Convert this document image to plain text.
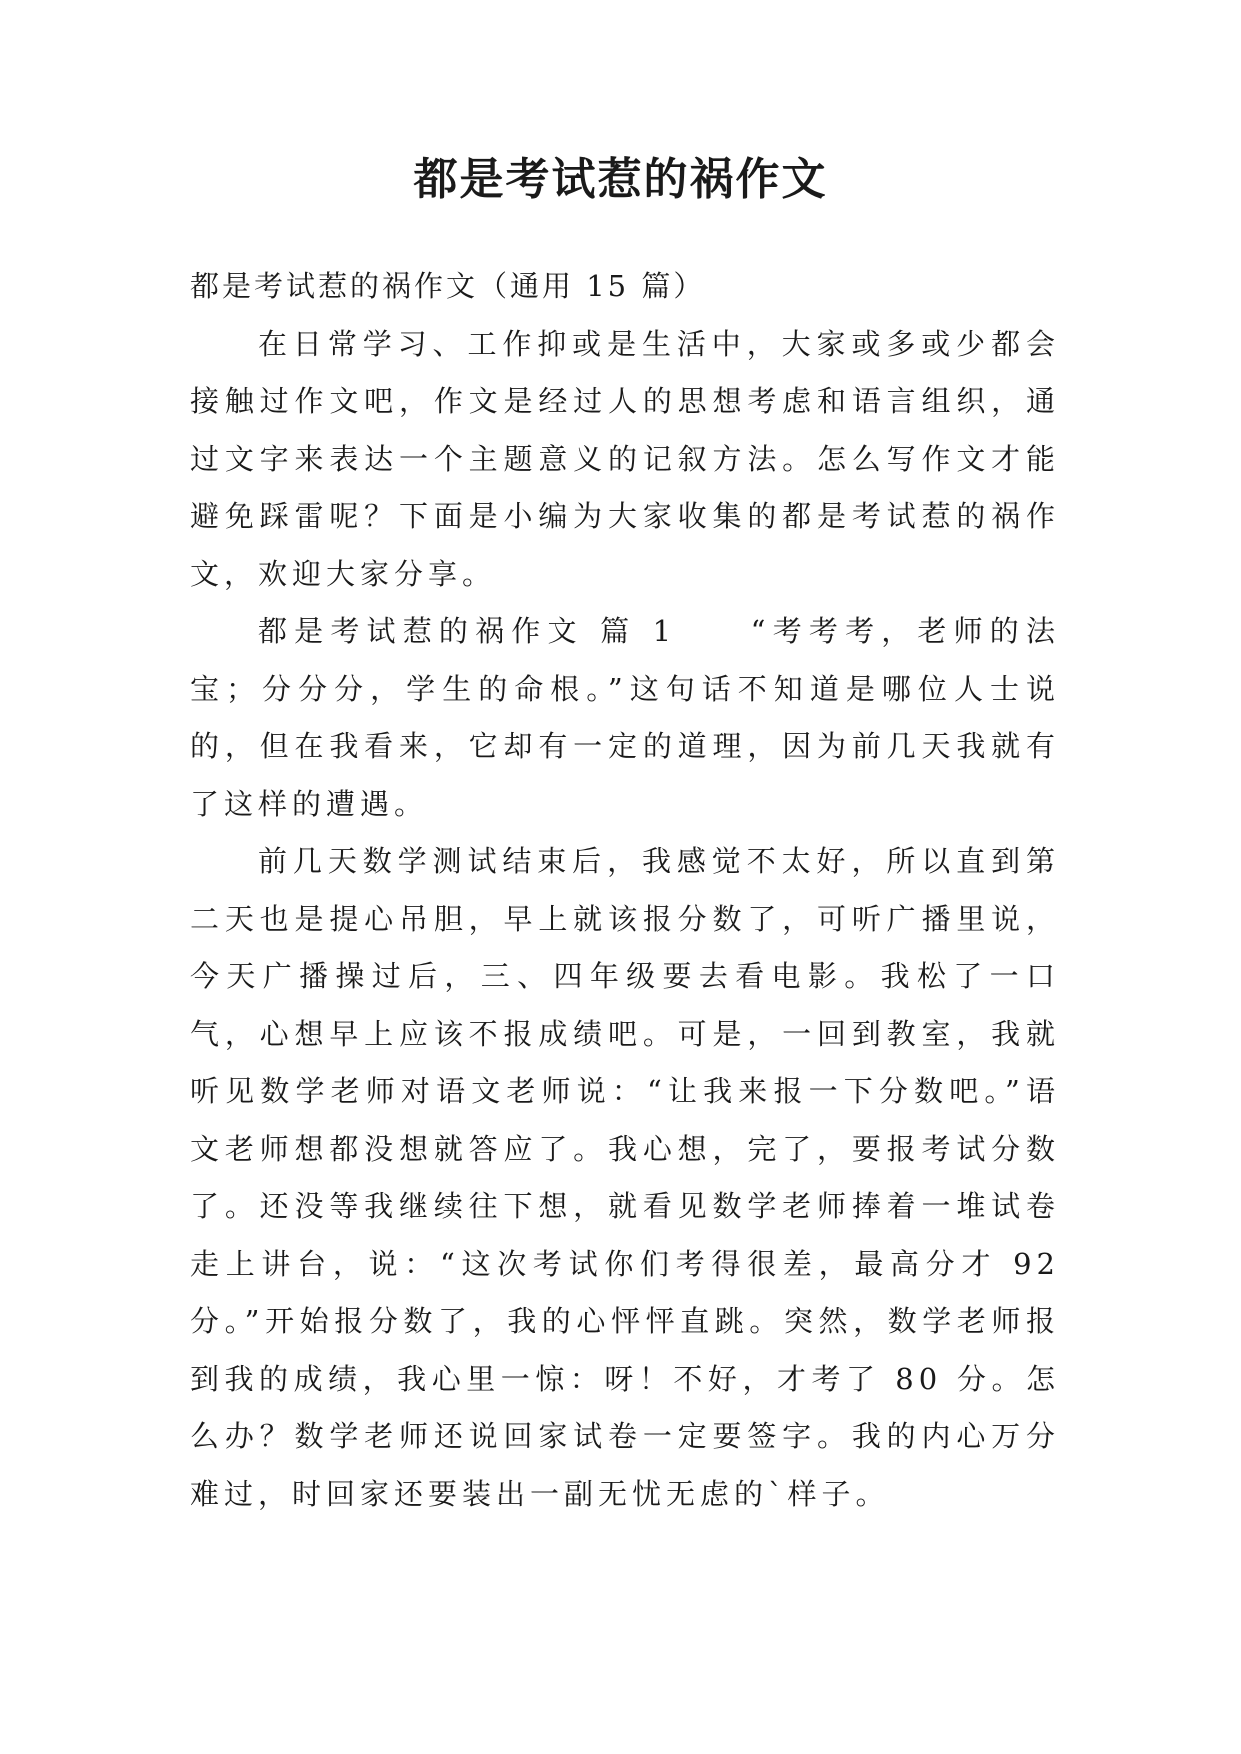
都是考试惹的祸作文

都是考试惹的祸作文（通用 15 篇）

在日常学习、工作抑或是生活中，大家或多或少都会接触过作文吧，作文是经过人的思想考虑和语言组织，通过文字来表达一个主题意义的记叙方法。怎么写作文才能避免踩雷呢？下面是小编为大家收集的都是考试惹的祸作文，欢迎大家分享。

都是考试惹的祸作文 篇 1　　“考考考，老师的法宝；分分分，学生的命根。”这句话不知道是哪位人士说的，但在我看来，它却有一定的道理，因为前几天我就有了这样的遭遇。

前几天数学测试结束后，我感觉不太好，所以直到第二天也是提心吊胆，早上就该报分数了，可听广播里说，今天广播操过后，三、四年级要去看电影。我松了一口气，心想早上应该不报成绩吧。可是，一回到教室，我就听见数学老师对语文老师说：“让我来报一下分数吧。”语文老师想都没想就答应了。我心想，完了，要报考试分数了。还没等我继续往下想，就看见数学老师捧着一堆试卷走上讲台，说：“这次考试你们考得很差，最高分才 92 分。”开始报分数了，我的心怦怦直跳。突然，数学老师报到我的成绩，我心里一惊：呀！不好，才考了 80 分。怎么办？数学老师还说回家试卷一定要签字。我的内心万分难过，时回家还要装出一副无忧无虑的`样子。
